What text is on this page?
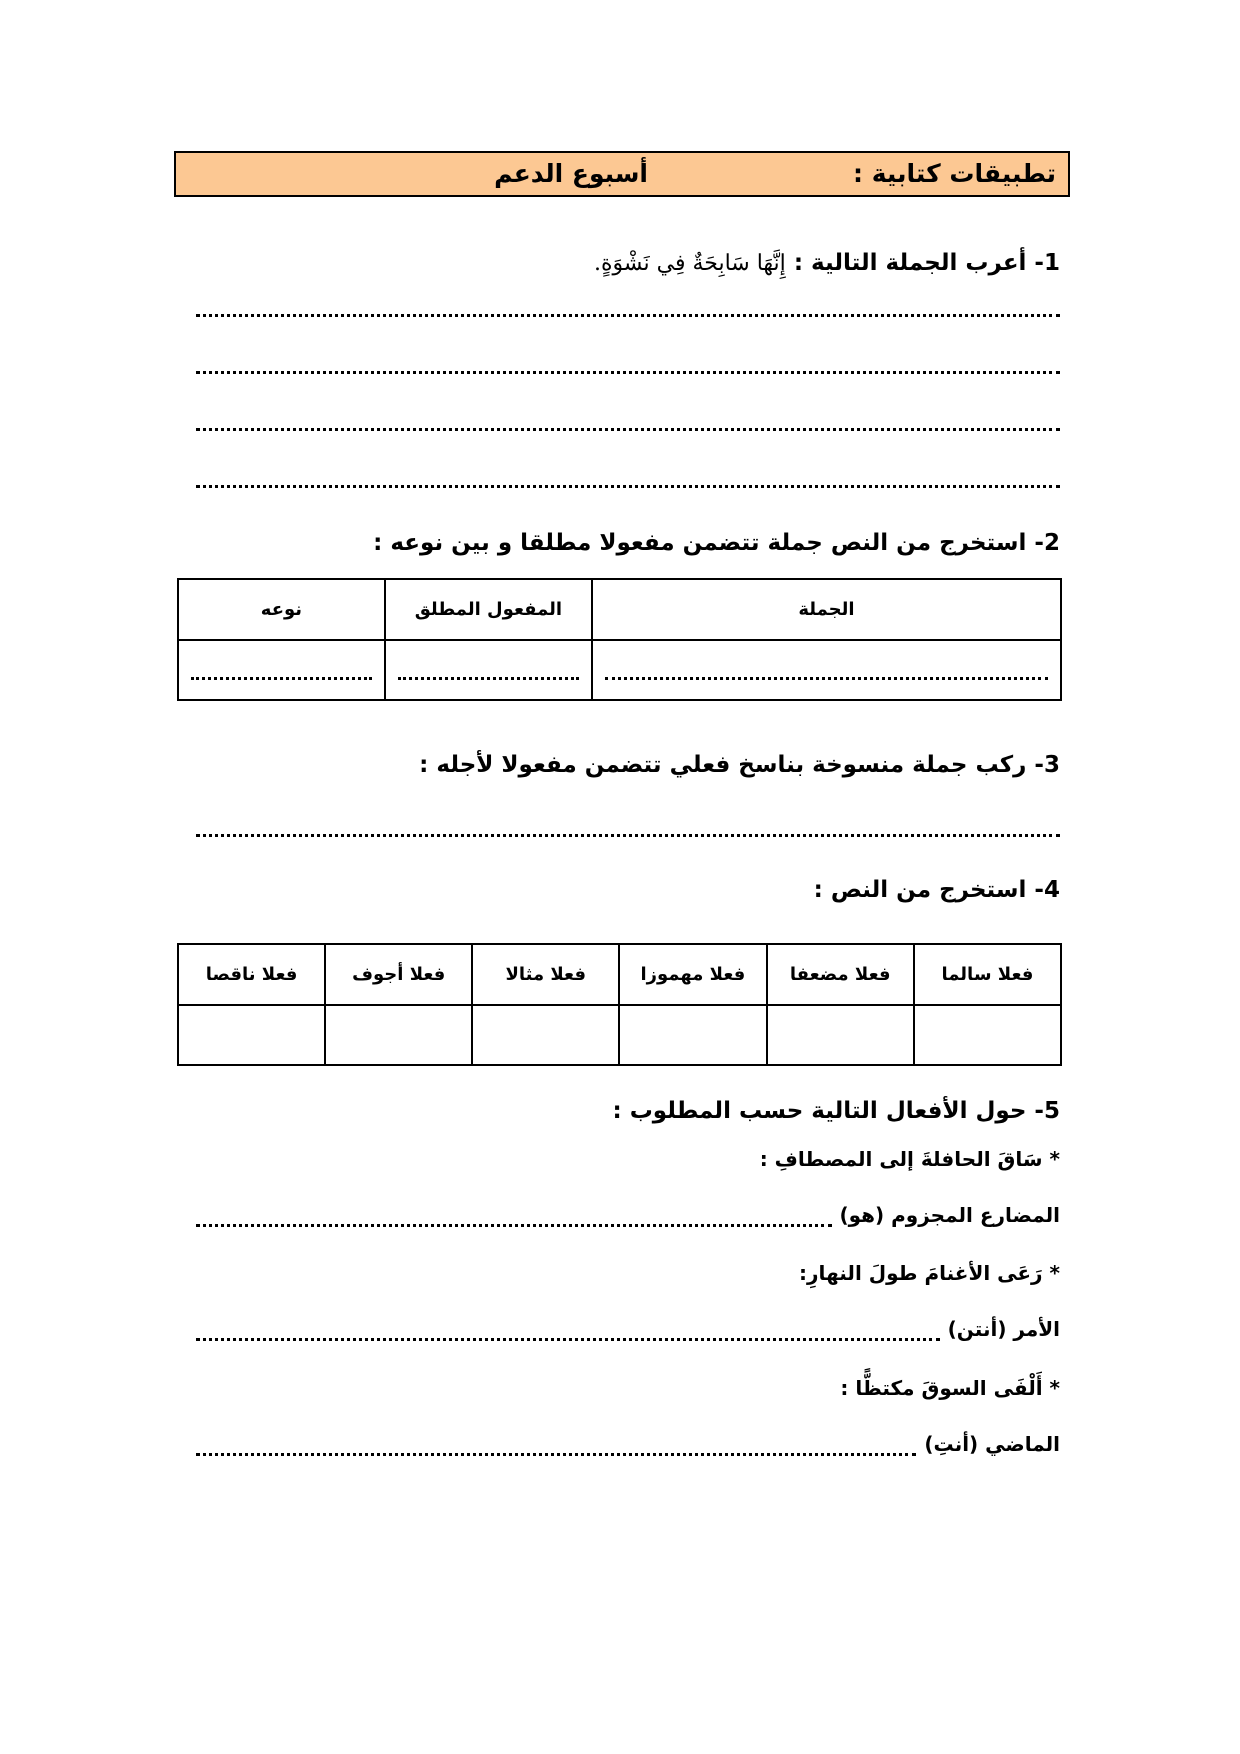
تطبيقات كتابية :
أسبوع الدعم
1- أعرب الجملة التالية : إِنَّهَا سَابِحَةٌ فِي نَشْوَةٍ.
2- استخرج من النص جملة تتضمن مفعولا مطلقا و بين نوعه :
الجملة	المفعول المطلق	نوعه

3- ركب جملة منسوخة بناسخ فعلي تتضمن مفعولا لأجله :
4- استخرج من النص :
فعلا سالما	فعلا مضعفا	فعلا مهموزا	فعلا مثالا	فعلا أجوف	فعلا ناقصا

5- حول الأفعال التالية حسب المطلوب :
* سَاقَ الحافلةَ إلى المصطافِ :
المضارع المجزوم (هو)
* رَعَى الأغنامَ طولَ النهارِ:
الأمر (أنتن)
* أَلْفَى السوقَ مكتظًّا :
الماضي (أنتِ)
